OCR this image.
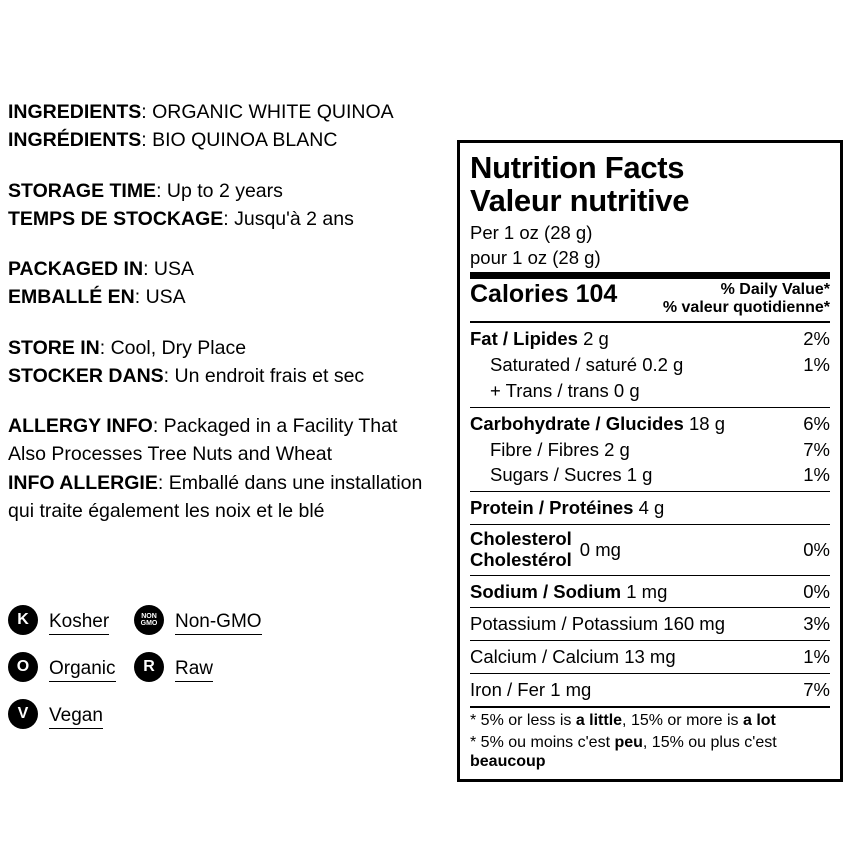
INGREDIENTS: ORGANIC WHITE QUINOA
INGRÉDIENTS: BIO QUINOA BLANC
STORAGE TIME: Up to 2 years
TEMPS DE STOCKAGE: Jusqu'à 2 ans
PACKAGED IN: USA
EMBALLÉ EN: USA
STORE IN: Cool, Dry Place
STOCKER DANS: Un endroit frais et sec
ALLERGY INFO: Packaged in a Facility That
Also Processes Tree Nuts and Wheat
INFO ALLERGIE: Emballé dans une installation
qui traite également les noix et le blé
K	Kosher	NON
GMO Non-GMO
O	Organic	R	Raw
V	Vegan
Nutrition Facts
Valeur nutritive
Per 1 oz (28 g)
pour 1 oz (28 g)
Calories 104	% Daily Value*
% valeur quotidienne*
Fat / Lipides 2 g	2%
Saturated / saturé 0.2 g	1%
+ Trans / trans 0 g
Carbohydrate / Glucides 18 g	6%
Fibre / Fibres 2 g	7%
Sugars / Sucres 1 g	1%
Protein / Protéines 4 g
Cholesterol
Cholestérol 0 mg	0%
Sodium / Sodium 1 mg	0%
Potassium / Potassium 160 mg	3%
Calcium / Calcium 13 mg	1%
Iron / Fer 1 mg	7%
* 5% or less is a little, 15% or more is a lot
* 5% ou moins c'est peu, 15% ou plus c'est
beaucoup
